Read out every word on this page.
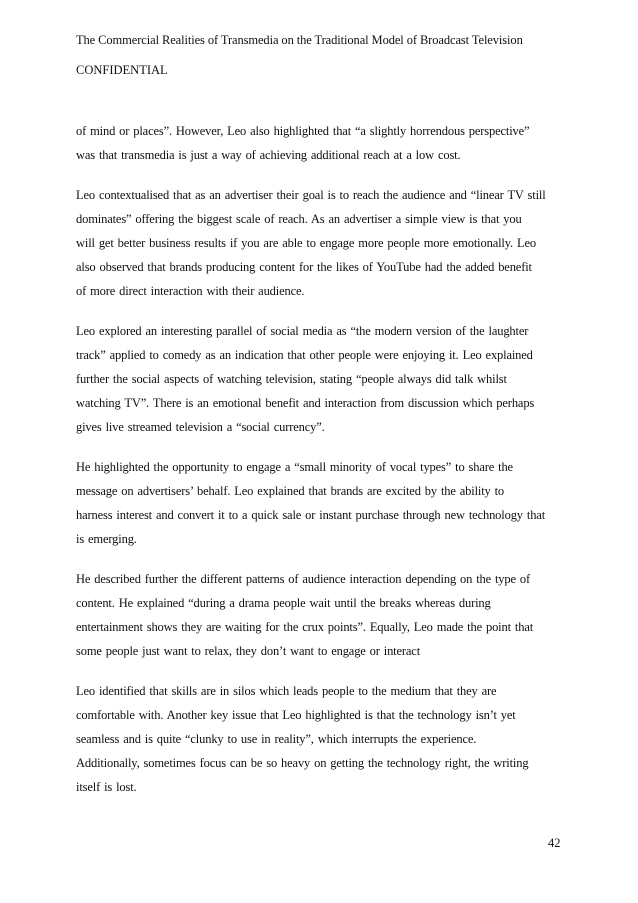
The Commercial Realities of Transmedia on the Traditional Model of Broadcast Television
CONFIDENTIAL
of mind or places”. However, Leo also highlighted that “a slightly horrendous perspective”
was that transmedia is just a way of achieving additional reach at a low cost.
Leo contextualised that as an advertiser their goal is to reach the audience and “linear TV still
dominates” offering the biggest scale of reach. As an advertiser a simple view is that you
will get better business results if you are able to engage more people more emotionally. Leo
also observed that brands producing content for the likes of YouTube had the added benefit
of more direct interaction with their audience.
Leo explored an interesting parallel of social media as “the modern version of the laughter
track” applied to comedy as an indication that other people were enjoying it. Leo explained
further the social aspects of watching television, stating “people always did talk whilst
watching TV”. There is an emotional benefit and interaction from discussion which perhaps
gives live streamed television a “social currency”.
He highlighted the opportunity to engage a “small minority of vocal types” to share the
message on advertisers’ behalf. Leo explained that brands are excited by the ability to
harness interest and convert it to a quick sale or instant purchase through new technology that
is emerging.
He described further the different patterns of audience interaction depending on the type of
content. He explained “during a drama people wait until the breaks whereas during
entertainment shows they are waiting for the crux points”. Equally, Leo made the point that
some people just want to relax, they don’t want to engage or interact
Leo identified that skills are in silos which leads people to the medium that they are
comfortable with. Another key issue that Leo highlighted is that the technology isn’t yet
seamless and is quite “clunky to use in reality”, which interrupts the experience.
Additionally, sometimes focus can be so heavy on getting the technology right, the writing
itself is lost.
42
